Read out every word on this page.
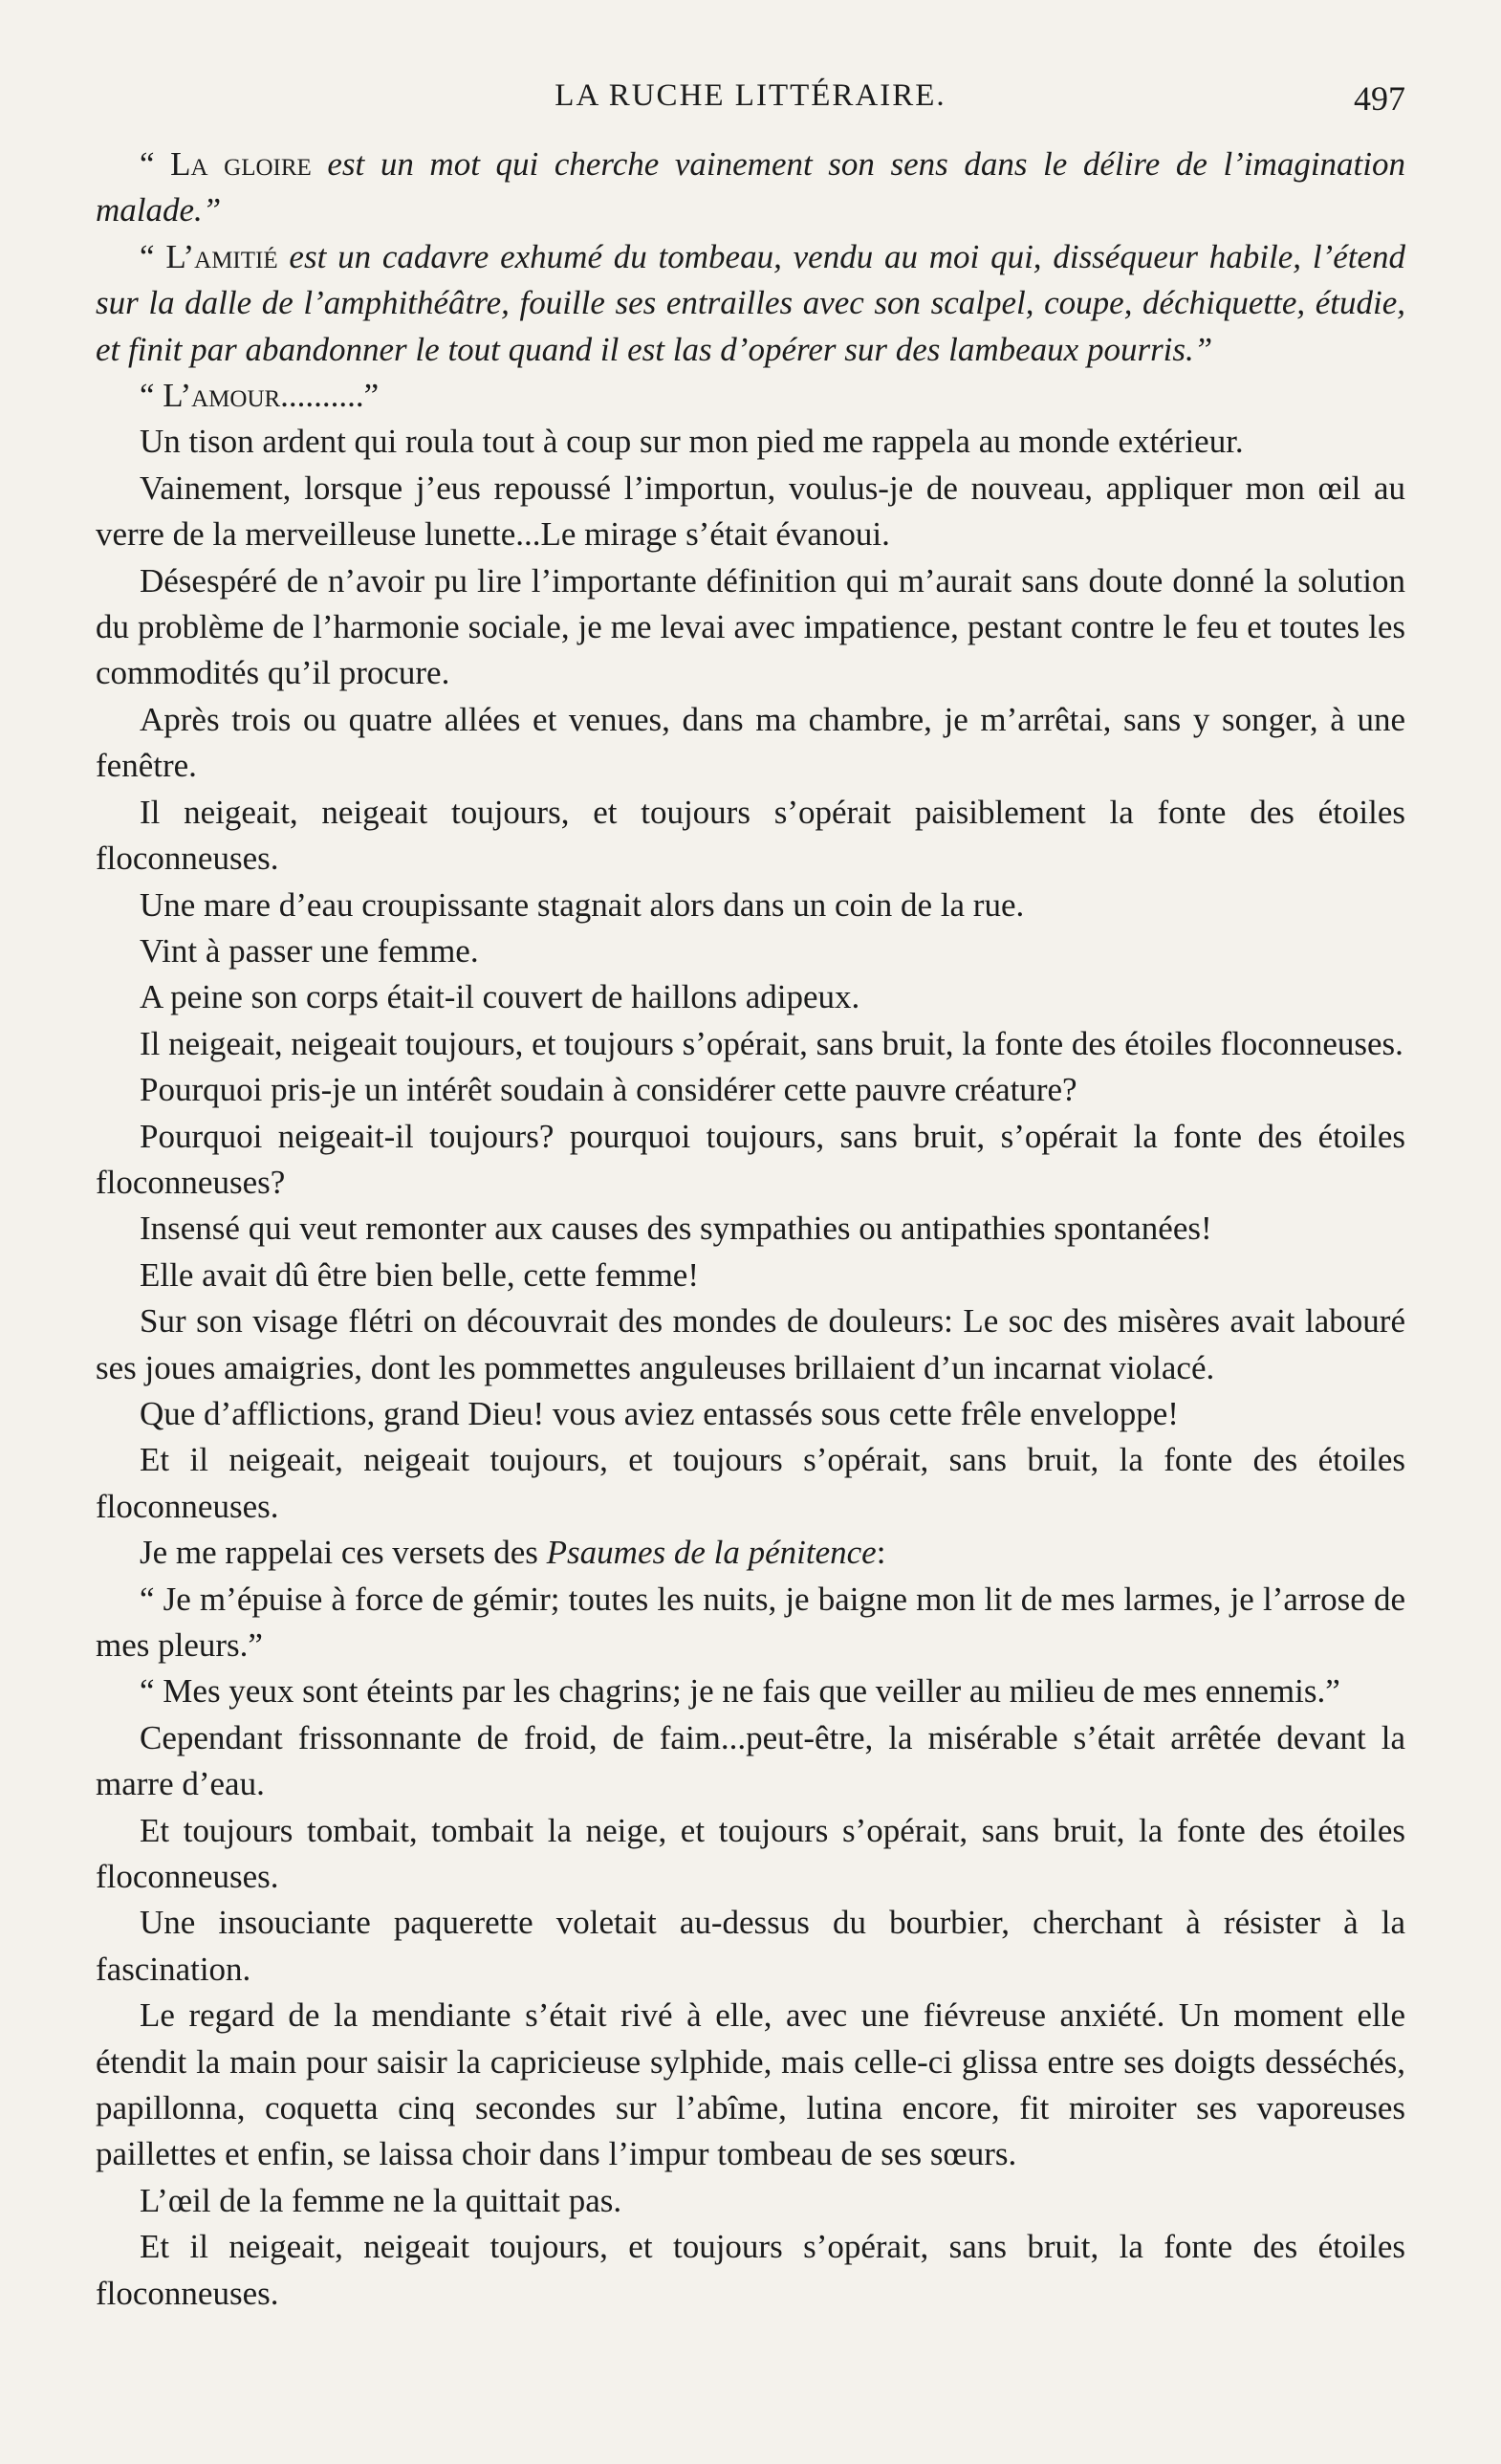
LA RUCHE LITTÉRAIRE.	497

“ La gloire est un mot qui cherche vainement son sens dans le délire de l’imagination malade.”

“ L’amitié est un cadavre exhumé du tombeau, vendu au moi qui, disséqueur habile, l’étend sur la dalle de l’amphithéâtre, fouille ses entrailles avec son scalpel, coupe, déchiquette, étudie, et finit par abandonner le tout quand il est las d’opérer sur des lambeaux pourris.”

“ L’amour..........”

Un tison ardent qui roula tout à coup sur mon pied me rappela au monde extérieur.

Vainement, lorsque j’eus repoussé l’importun, voulus-je de nouveau, appliquer mon œil au verre de la merveilleuse lunette...Le mirage s’était évanoui.

Désespéré de n’avoir pu lire l’importante définition qui m’aurait sans doute donné la solution du problème de l’harmonie sociale, je me levai avec impatience, pestant contre le feu et toutes les commodités qu’il procure.

Après trois ou quatre allées et venues, dans ma chambre, je m’arrêtai, sans y songer, à une fenêtre.

Il neigeait, neigeait toujours, et toujours s’opérait paisiblement la fonte des étoiles floconneuses.

Une mare d’eau croupissante stagnait alors dans un coin de la rue.

Vint à passer une femme.

A peine son corps était-il couvert de haillons adipeux.

Il neigeait, neigeait toujours, et toujours s’opérait, sans bruit, la fonte des étoiles floconneuses.

Pourquoi pris-je un intérêt soudain à considérer cette pauvre créature?

Pourquoi neigeait-il toujours? pourquoi toujours, sans bruit, s’opérait la fonte des étoiles floconneuses?

Insensé qui veut remonter aux causes des sympathies ou antipathies spontanées!

Elle avait dû être bien belle, cette femme!

Sur son visage flétri on découvrait des mondes de douleurs: Le soc des misères avait labouré ses joues amaigries, dont les pommettes anguleuses brillaient d’un incarnat violacé.

Que d’afflictions, grand Dieu! vous aviez entassés sous cette frêle enveloppe!

Et il neigeait, neigeait toujours, et toujours s’opérait, sans bruit, la fonte des étoiles floconneuses.

Je me rappelai ces versets des Psaumes de la pénitence:

“ Je m’épuise à force de gémir; toutes les nuits, je baigne mon lit de mes larmes, je l’arrose de mes pleurs.”

“ Mes yeux sont éteints par les chagrins; je ne fais que veiller au milieu de mes ennemis.”

Cependant frissonnante de froid, de faim...peut-être, la misérable s’était arrêtée devant la marre d’eau.

Et toujours tombait, tombait la neige, et toujours s’opérait, sans bruit, la fonte des étoiles floconneuses.

Une insouciante paquerette voletait au-dessus du bourbier, cherchant à résister à la fascination.

Le regard de la mendiante s’était rivé à elle, avec une fiévreuse anxiété. Un moment elle étendit la main pour saisir la capricieuse sylphide, mais celle-ci glissa entre ses doigts desséchés, papillonna, coquetta cinq secondes sur l’abîme, lutina encore, fit miroiter ses vaporeuses paillettes et enfin, se laissa choir dans l’impur tombeau de ses sœurs.

L’œil de la femme ne la quittait pas.

Et il neigeait, neigeait toujours, et toujours s’opérait, sans bruit, la fonte des étoiles floconneuses.
